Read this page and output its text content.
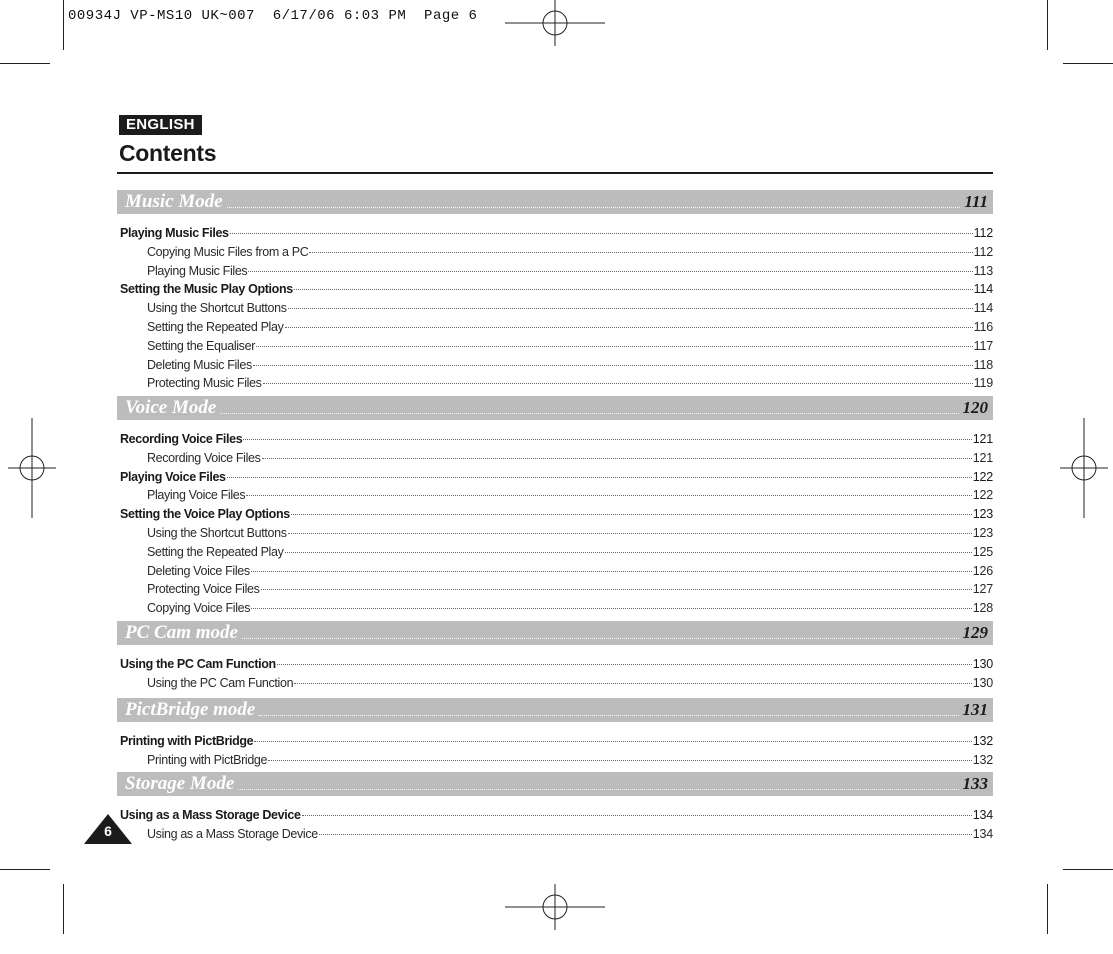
00934J VP-MS10 UK~007  6/17/06 6:03 PM  Page 6
ENGLISH
Contents
Music Mode	111
Playing Music Files	112
Copying Music Files from a PC	112
Playing Music Files	113
Setting the Music Play Options	114
Using the Shortcut Buttons	114
Setting the Repeated Play	116
Setting the Equaliser	117
Deleting Music Files	118
Protecting Music Files	119
Voice Mode	120
Recording Voice Files	121
Recording Voice Files	121
Playing Voice Files	122
Playing Voice Files	122
Setting the Voice Play Options	123
Using the Shortcut Buttons	123
Setting the Repeated Play	125
Deleting Voice Files	126
Protecting Voice Files	127
Copying Voice Files	128
PC Cam mode	129
Using the PC Cam Function	130
Using the PC Cam Function	130
PictBridge mode	131
Printing with PictBridge	132
Printing with PictBridge	132
Storage Mode	133
Using as a Mass Storage Device	134
Using as a Mass Storage Device	134
6
